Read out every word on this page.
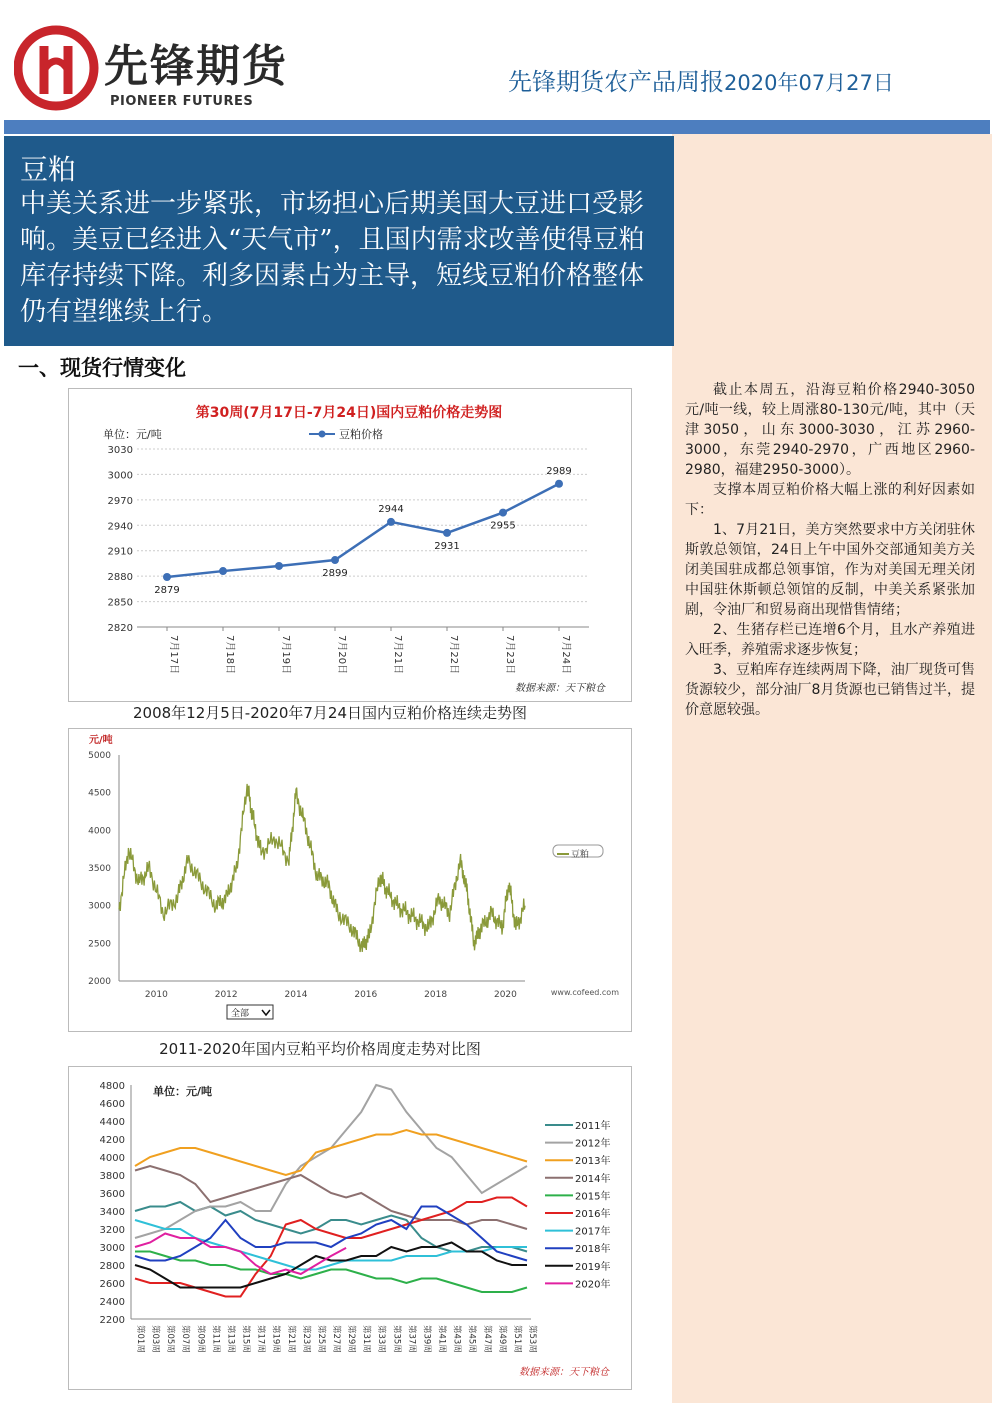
先锋期货
PIONEER FUTURES
先锋期货农产品周报2020年07月27日

截止本周五，沿海豆粕价格2940-3050元/吨一线，较上周涨80-130元/吨，其中（天津3050，山东3000-3030，江苏2960-3000，东莞2940-2970，广西地区2960-2980，福建2950-3000）。

支撑本周豆粕价格大幅上涨的利好因素如下：

1、7月21日，美方突然要求中方关闭驻休斯敦总领馆，24日上午中国外交部通知美方关闭美国驻成都总领事馆，作为对美国无理关闭中国驻休斯顿总领馆的反制，中美关系紧张加剧，令油厂和贸易商出现惜售情绪；

2、生猪存栏已连增6个月，且水产养殖进入旺季，养殖需求逐步恢复；

3、豆粕库存连续两周下降，油厂现货可售货源较少，部分油厂8月货源也已销售过半，提价意愿较强。

豆粕
中美关系进一步紧张，市场担心后期美国大豆进口受影响。美豆已经进入“天气市”，且国内需求改善使得豆粕库存持续下降。利多因素占为主导，短线豆粕价格整体仍有望继续上行。
一、现货行情变化
第30周(7月17日-7月24日)国内豆粕价格走势图
单位：元/吨	豆粕价格
2820
2850
2880
2910
2940
2970
3000
3030
7月17日	7月18日	7月19日	7月20日	7月21日	7月22日	7月23日	7月24日
2879
2899
2944
2931
2955
2989
数据来源：天下粮仓
2008年12月5日-2020年7月24日国内豆粕价格连续走势图
元/吨
2000
2500
3000
3500
4000
4500
5000
2010	2012	2014	2016	2018	2020
豆粕
www.cofeed.com
全部
2011-2020年国内豆粕平均价格周度走势对比图
2200
2400
2600
2800
3000
3200
3400
3600
3800
4000
4200
4400
4600
4800	单位：元/吨
第01周 第03周 第05周 第07周 第09周 第11周 第13周 第15周 第17周 第19周 第21周 第23周 第25周 第27周 第29周 第31周 第33周 第35周 第37周 第39周 第41周 第43周 第45周 第47周 第49周 第51周 第53周
2011年
2012年
2013年
2014年
2015年
2016年
2017年
2018年
2019年
2020年
数据来源：天下粮仓
